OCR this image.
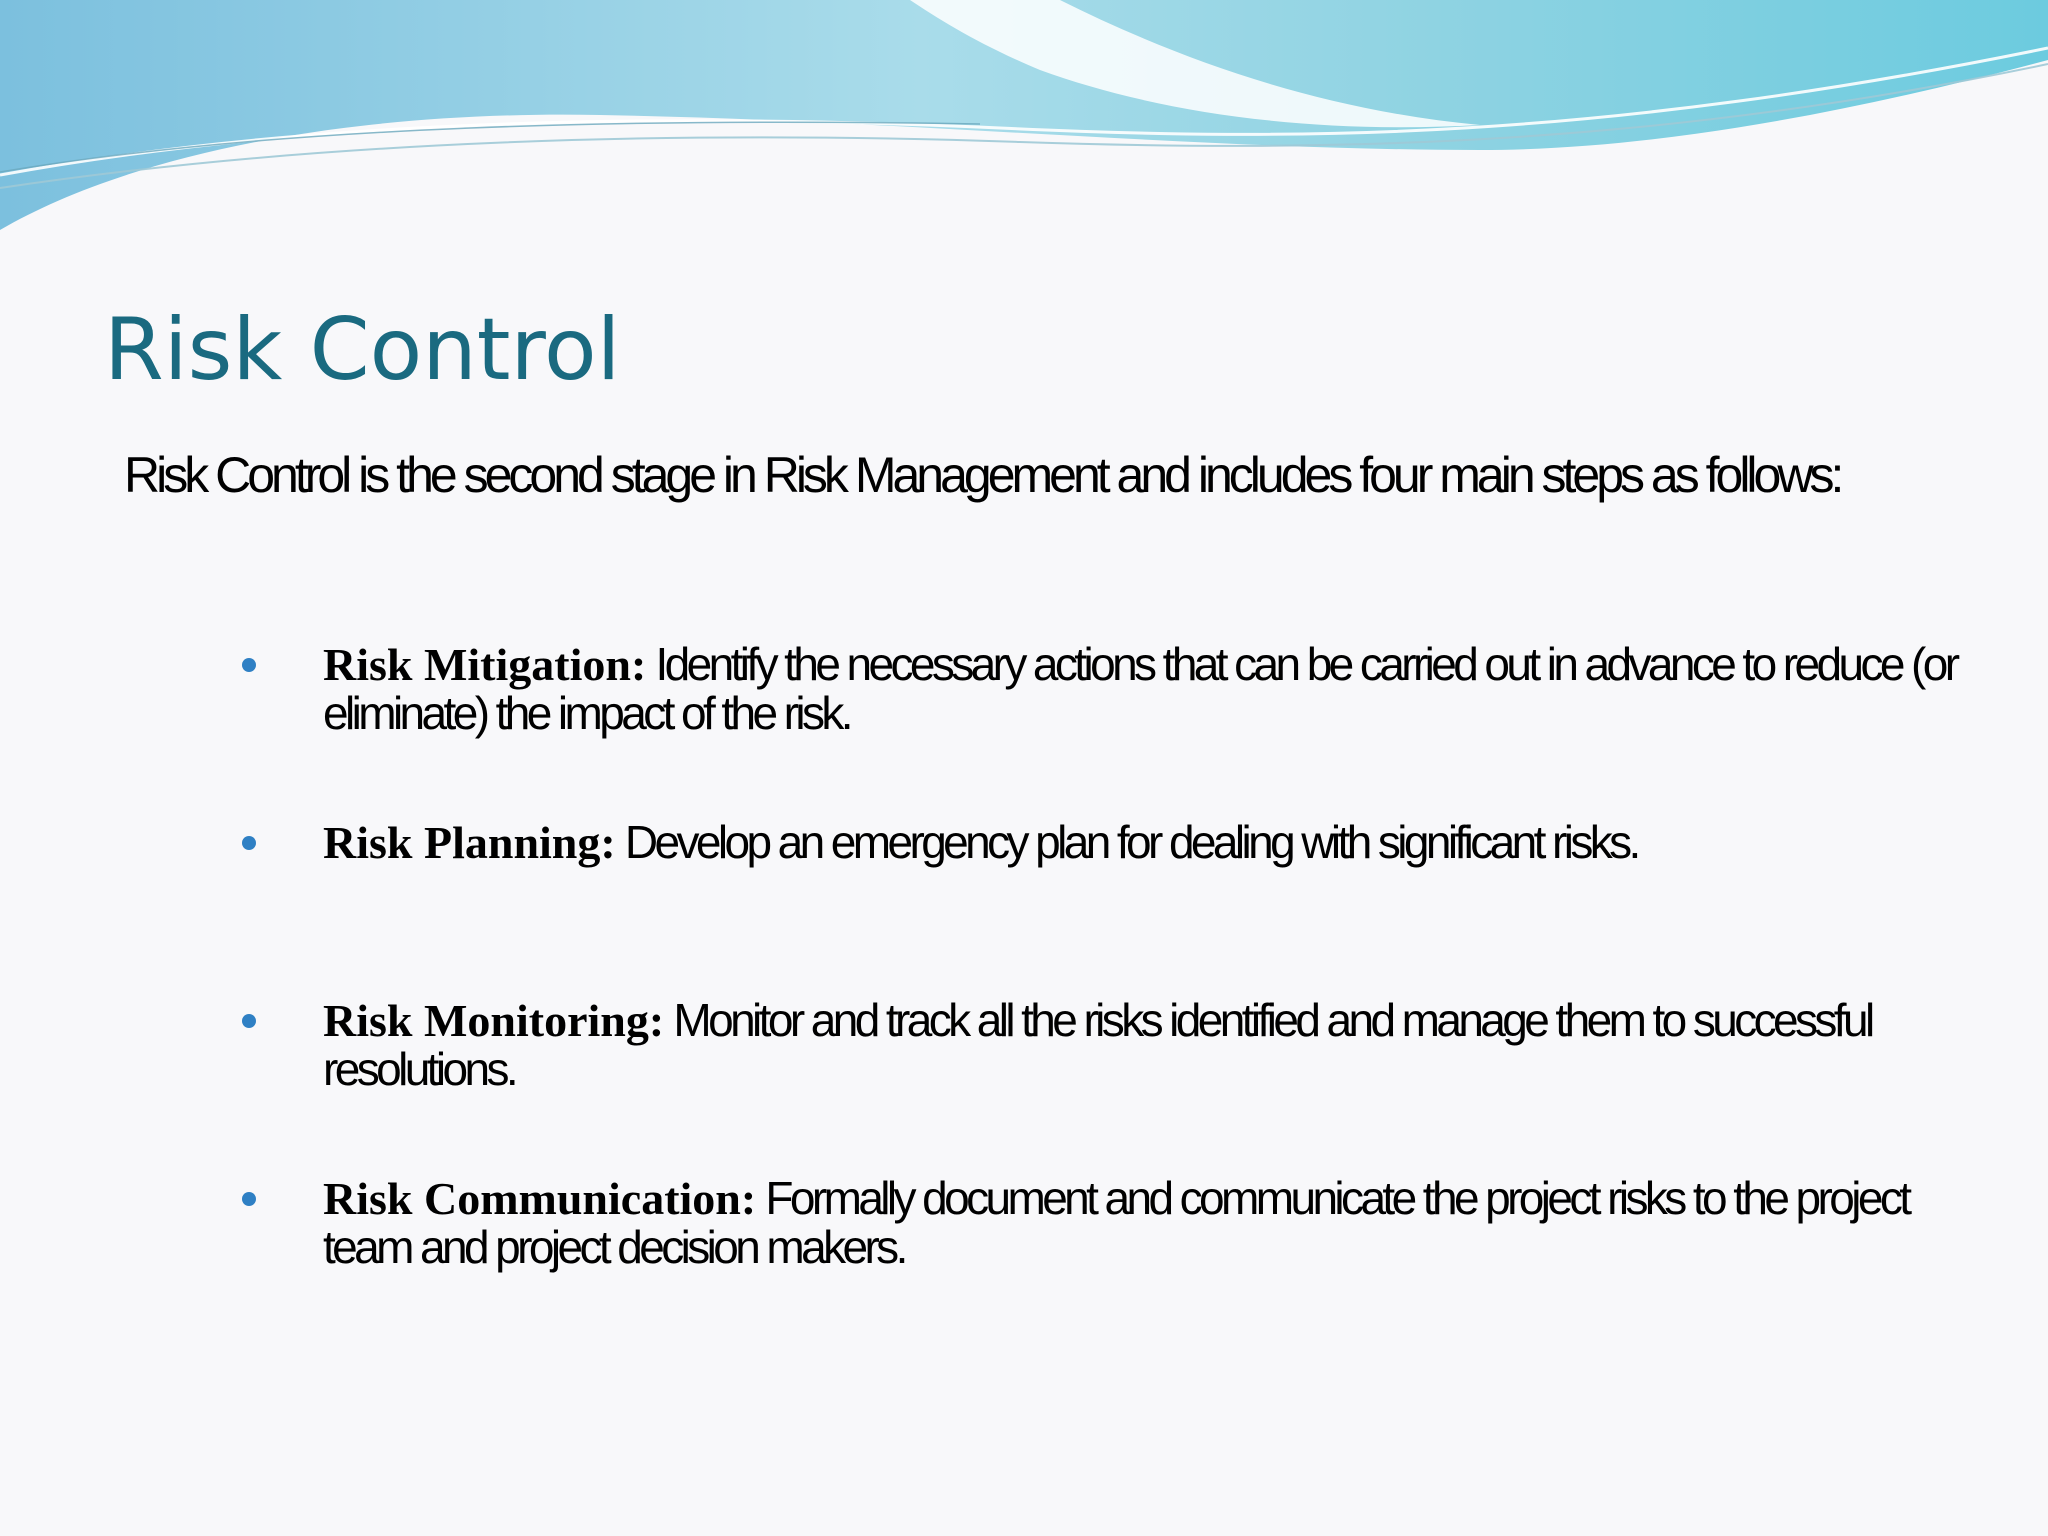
Risk Control
Risk Control is the second stage in Risk Management and includes four main steps as follows:
Risk Mitigation: Identify the necessary actions that can be carried out in advance to reduce (or eliminate) the impact of the risk.
Risk Planning: Develop an emergency plan for dealing with significant risks.
Risk Monitoring: Monitor and track all the risks identified and manage them to successful resolutions.
Risk Communication: Formally document and communicate the project risks to the project team and project decision makers.
